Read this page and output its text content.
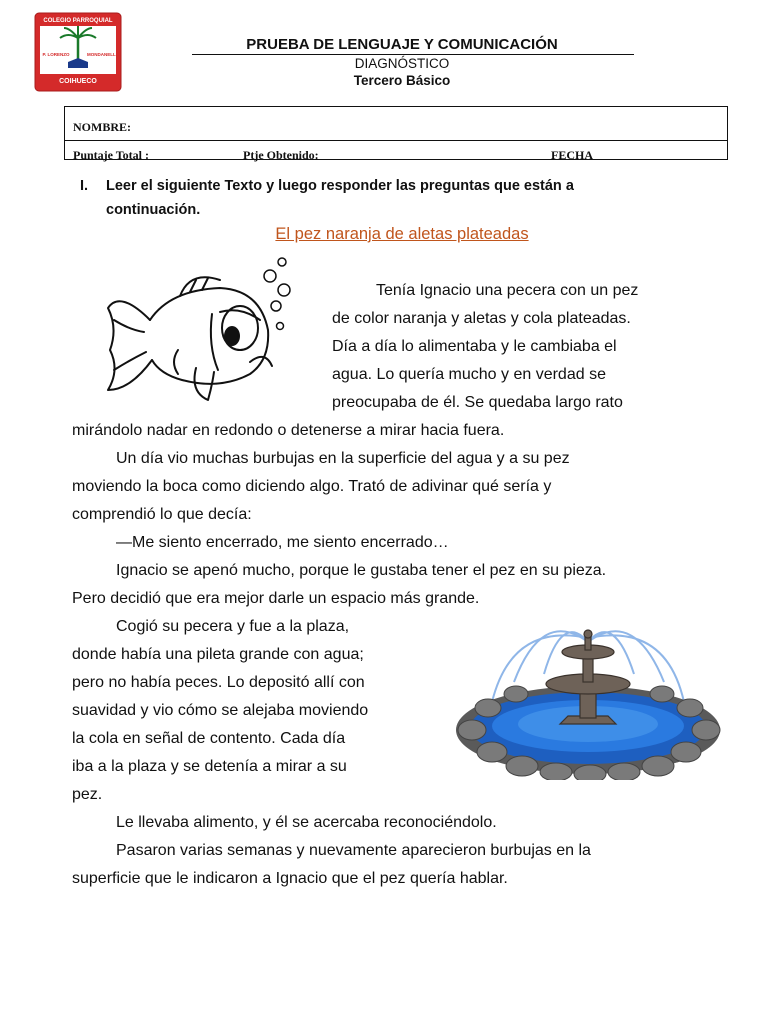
COLEGIO PARROQUIAL
P. LORENZO	MONDANELLI
COIHUECO
PRUEBA DE LENGUAJE Y COMUNICACIÓN
DIAGNÓSTICO
Tercero Básico
NOMBRE:
Puntaje Total :	Ptje Obtenido:	FECHA
I. Leer el siguiente Texto y luego responder las preguntas que están a
continuación.
El pez naranja de aletas plateadas
Tenía Ignacio una pecera con un pez
de color naranja y aletas y cola plateadas.
Día a día lo alimentaba y le cambiaba el
agua. Lo quería mucho y en verdad se
preocupaba de él. Se quedaba largo rato
mirándolo nadar en redondo o detenerse a mirar hacia fuera.
Un día vio muchas burbujas en la superficie del agua y a su pez
moviendo la boca como diciendo algo. Trató de adivinar qué sería y
comprendió lo que decía:
—Me siento encerrado, me siento encerrado…
Ignacio se apenó mucho, porque le gustaba tener el pez en su pieza.
Pero decidió que era mejor darle un espacio más grande.
Cogió su pecera y fue a la plaza,
donde había una pileta grande con agua;
pero no había peces. Lo depositó allí con
suavidad y vio cómo se alejaba moviendo
la cola en señal de contento. Cada día
iba a la plaza y se detenía a mirar a su
pez.
Le llevaba alimento, y él se acercaba reconociéndolo.
Pasaron varias semanas y nuevamente aparecieron burbujas en la
superficie que le indicaron a Ignacio que el pez quería hablar.
